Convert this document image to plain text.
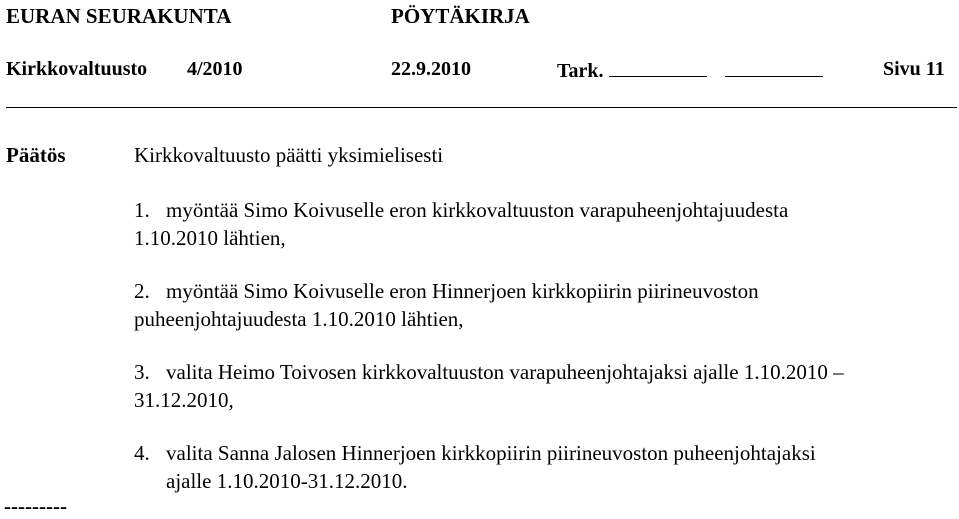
EURAN SEURAKUNTA	PÖYTÄKIRJA
Kirkkovaltuusto 4/2010	22.9.2010	Tark.	Sivu 11
Päätös	Kirkkovaltuusto päätti yksimielisesti
1. myöntää Simo Koivuselle eron kirkkovaltuuston varapuheenjohtajuudesta
1.10.2010 lähtien,
2. myöntää Simo Koivuselle eron Hinnerjoen kirkkopiirin piirineuvoston
puheenjohtajuudesta 1.10.2010 lähtien,
3. valita Heimo Toivosen kirkkovaltuuston varapuheenjohtajaksi ajalle 1.10.2010 –
31.12.2010,
4. valita Sanna Jalosen Hinnerjoen kirkkopiirin piirineuvoston puheenjohtajaksi
ajalle 1.10.2010-31.12.2010.
---------
